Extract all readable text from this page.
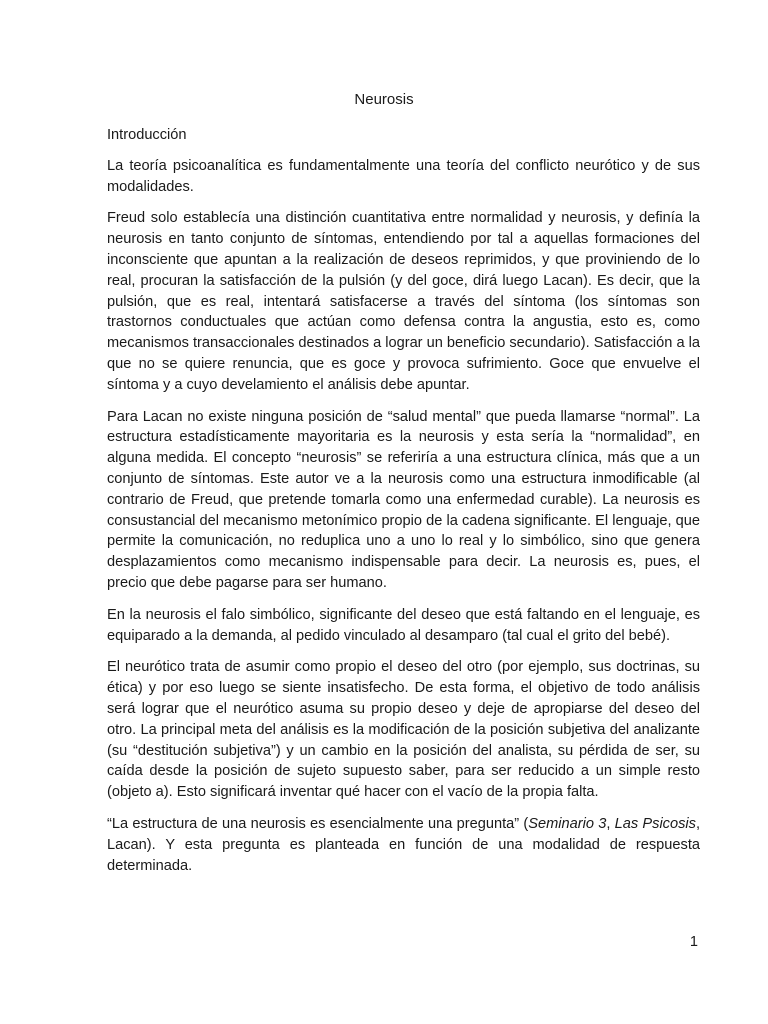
Neurosis

Introducción

La teoría psicoanalítica es fundamentalmente una teoría del conflicto neurótico y de sus modalidades.

Freud solo establecía una distinción cuantitativa entre normalidad y neurosis, y definía la neurosis en tanto conjunto de síntomas, entendiendo por tal a aquellas formaciones del inconsciente que apuntan a la realización de deseos reprimidos, y que proviniendo de lo real, procuran la satisfacción de la pulsión (y del goce, dirá luego Lacan). Es decir, que la pulsión, que es real, intentará satisfacerse a través del síntoma (los síntomas son trastornos conductuales que actúan como defensa contra la angustia, esto es, como mecanismos transaccionales destinados a lograr un beneficio secundario). Satisfacción a la que no se quiere renuncia, que es goce y provoca sufrimiento. Goce que envuelve el síntoma y a cuyo develamiento el análisis debe apuntar.

Para Lacan no existe ninguna posición de “salud mental” que pueda llamarse “normal”. La estructura estadísticamente mayoritaria es la neurosis y esta sería la “normalidad”, en alguna medida. El concepto “neurosis” se referiría a una estructura clínica, más que a un conjunto de síntomas. Este autor ve a la neurosis como una estructura inmodificable (al contrario de Freud, que pretende tomarla como una enfermedad curable). La neurosis es consustancial del mecanismo metonímico propio de la cadena significante. El lenguaje, que permite la comunicación, no reduplica uno a uno lo real y lo simbólico, sino que genera desplazamientos como mecanismo indispensable para decir. La neurosis es, pues, el precio que debe pagarse para ser humano.

En la neurosis el falo simbólico, significante del deseo que está faltando en el lenguaje, es equiparado a la demanda, al pedido vinculado al desamparo (tal cual el grito del bebé).

El neurótico trata de asumir como propio el deseo del otro (por ejemplo, sus doctrinas, su ética) y por eso luego se siente insatisfecho. De esta forma, el objetivo de todo análisis será lograr que el neurótico asuma su propio deseo y deje de apropiarse del deseo del otro. La principal meta del análisis es la modificación de la posición subjetiva del analizante (su “destitución subjetiva”) y un cambio en la posición del analista, su pérdida de ser, su caída desde la posición de sujeto supuesto saber, para ser reducido a un simple resto (objeto a). Esto significará inventar qué hacer con el vacío de la propia falta.

“La estructura de una neurosis es esencialmente una pregunta” (Seminario 3, Las Psicosis, Lacan). Y esta pregunta es planteada en función de una modalidad de respuesta determinada.

1
